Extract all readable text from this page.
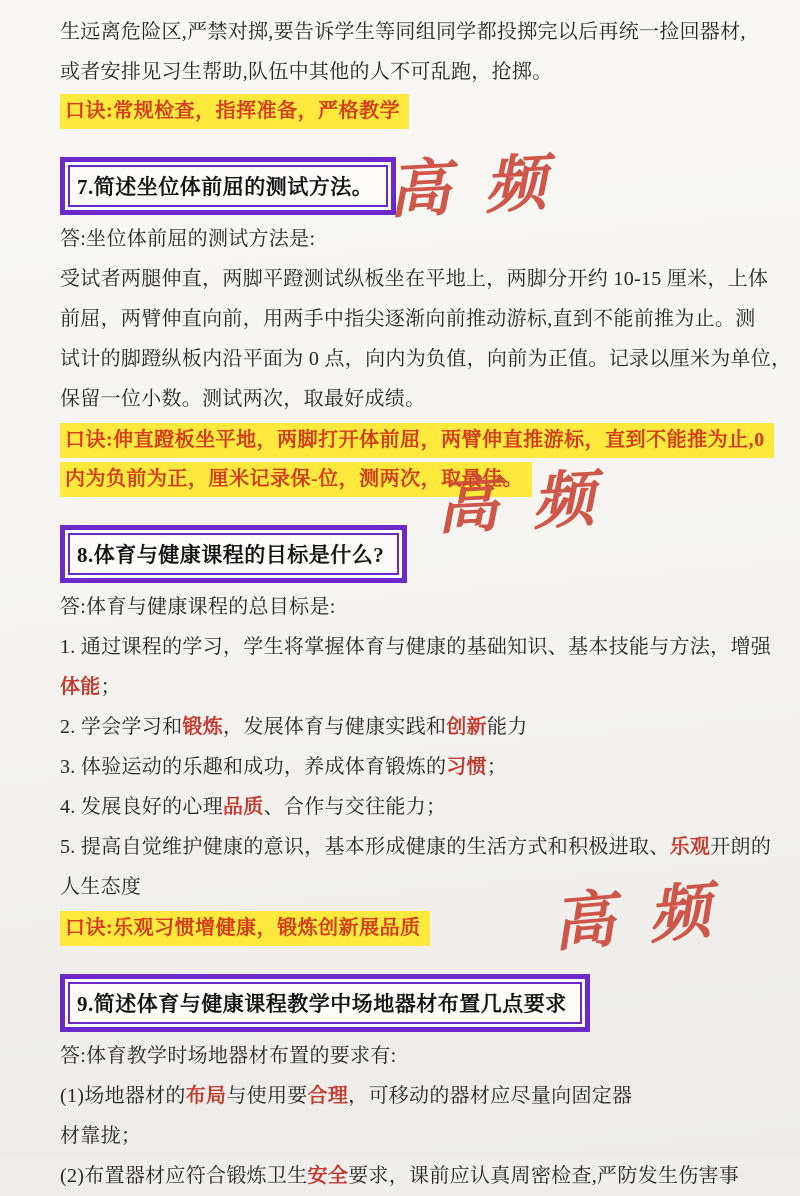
生远离危险区,严禁对掷,要告诉学生等同组同学都投掷完以后再统一捡回器材,
或者安排见习生帮助,队伍中其他的人不可乱跑，抢掷。
口诀:常规检查，指挥准备，严格教学
7.简述坐位体前屈的测试方法。
答:坐位体前屈的测试方法是:
受试者两腿伸直，两脚平蹬测试纵板坐在平地上，两脚分开约 10-15 厘米，上体
前屈，两臂伸直向前，用两手中指尖逐渐向前推动游标,直到不能前推为止。测
试计的脚蹬纵板内沿平面为 0 点，向内为负值，向前为正值。记录以厘米为单位，
保留一位小数。测试两次，取最好成绩。
口诀:伸直蹬板坐平地，两脚打开体前屈，两臂伸直推游标，直到不能推为止,0
内为负前为正，厘米记录保-位，测两次，取最佳。
8.体育与健康课程的目标是什么?
答:体育与健康课程的总目标是:
1. 通过课程的学习，学生将掌握体育与健康的基础知识、基本技能与方法，增强
体能；
2. 学会学习和锻炼，发展体育与健康实践和创新能力
3. 体验运动的乐趣和成功，养成体育锻炼的习惯；
4. 发展良好的心理品质、合作与交往能力；
5. 提高自觉维护健康的意识，基本形成健康的生活方式和积极进取、乐观开朗的
人生态度
口诀:乐观习惯增健康，锻炼创新展品质
9.简述体育与健康课程教学中场地器材布置几点要求
答:体育教学时场地器材布置的要求有:
(1)场地器材的布局与使用要合理，可移动的器材应尽量向固定器
材靠拢；
(2)布置器材应符合锻炼卫生安全要求，课前应认真周密检查,严防发生伤害事
高频
高频
高频
